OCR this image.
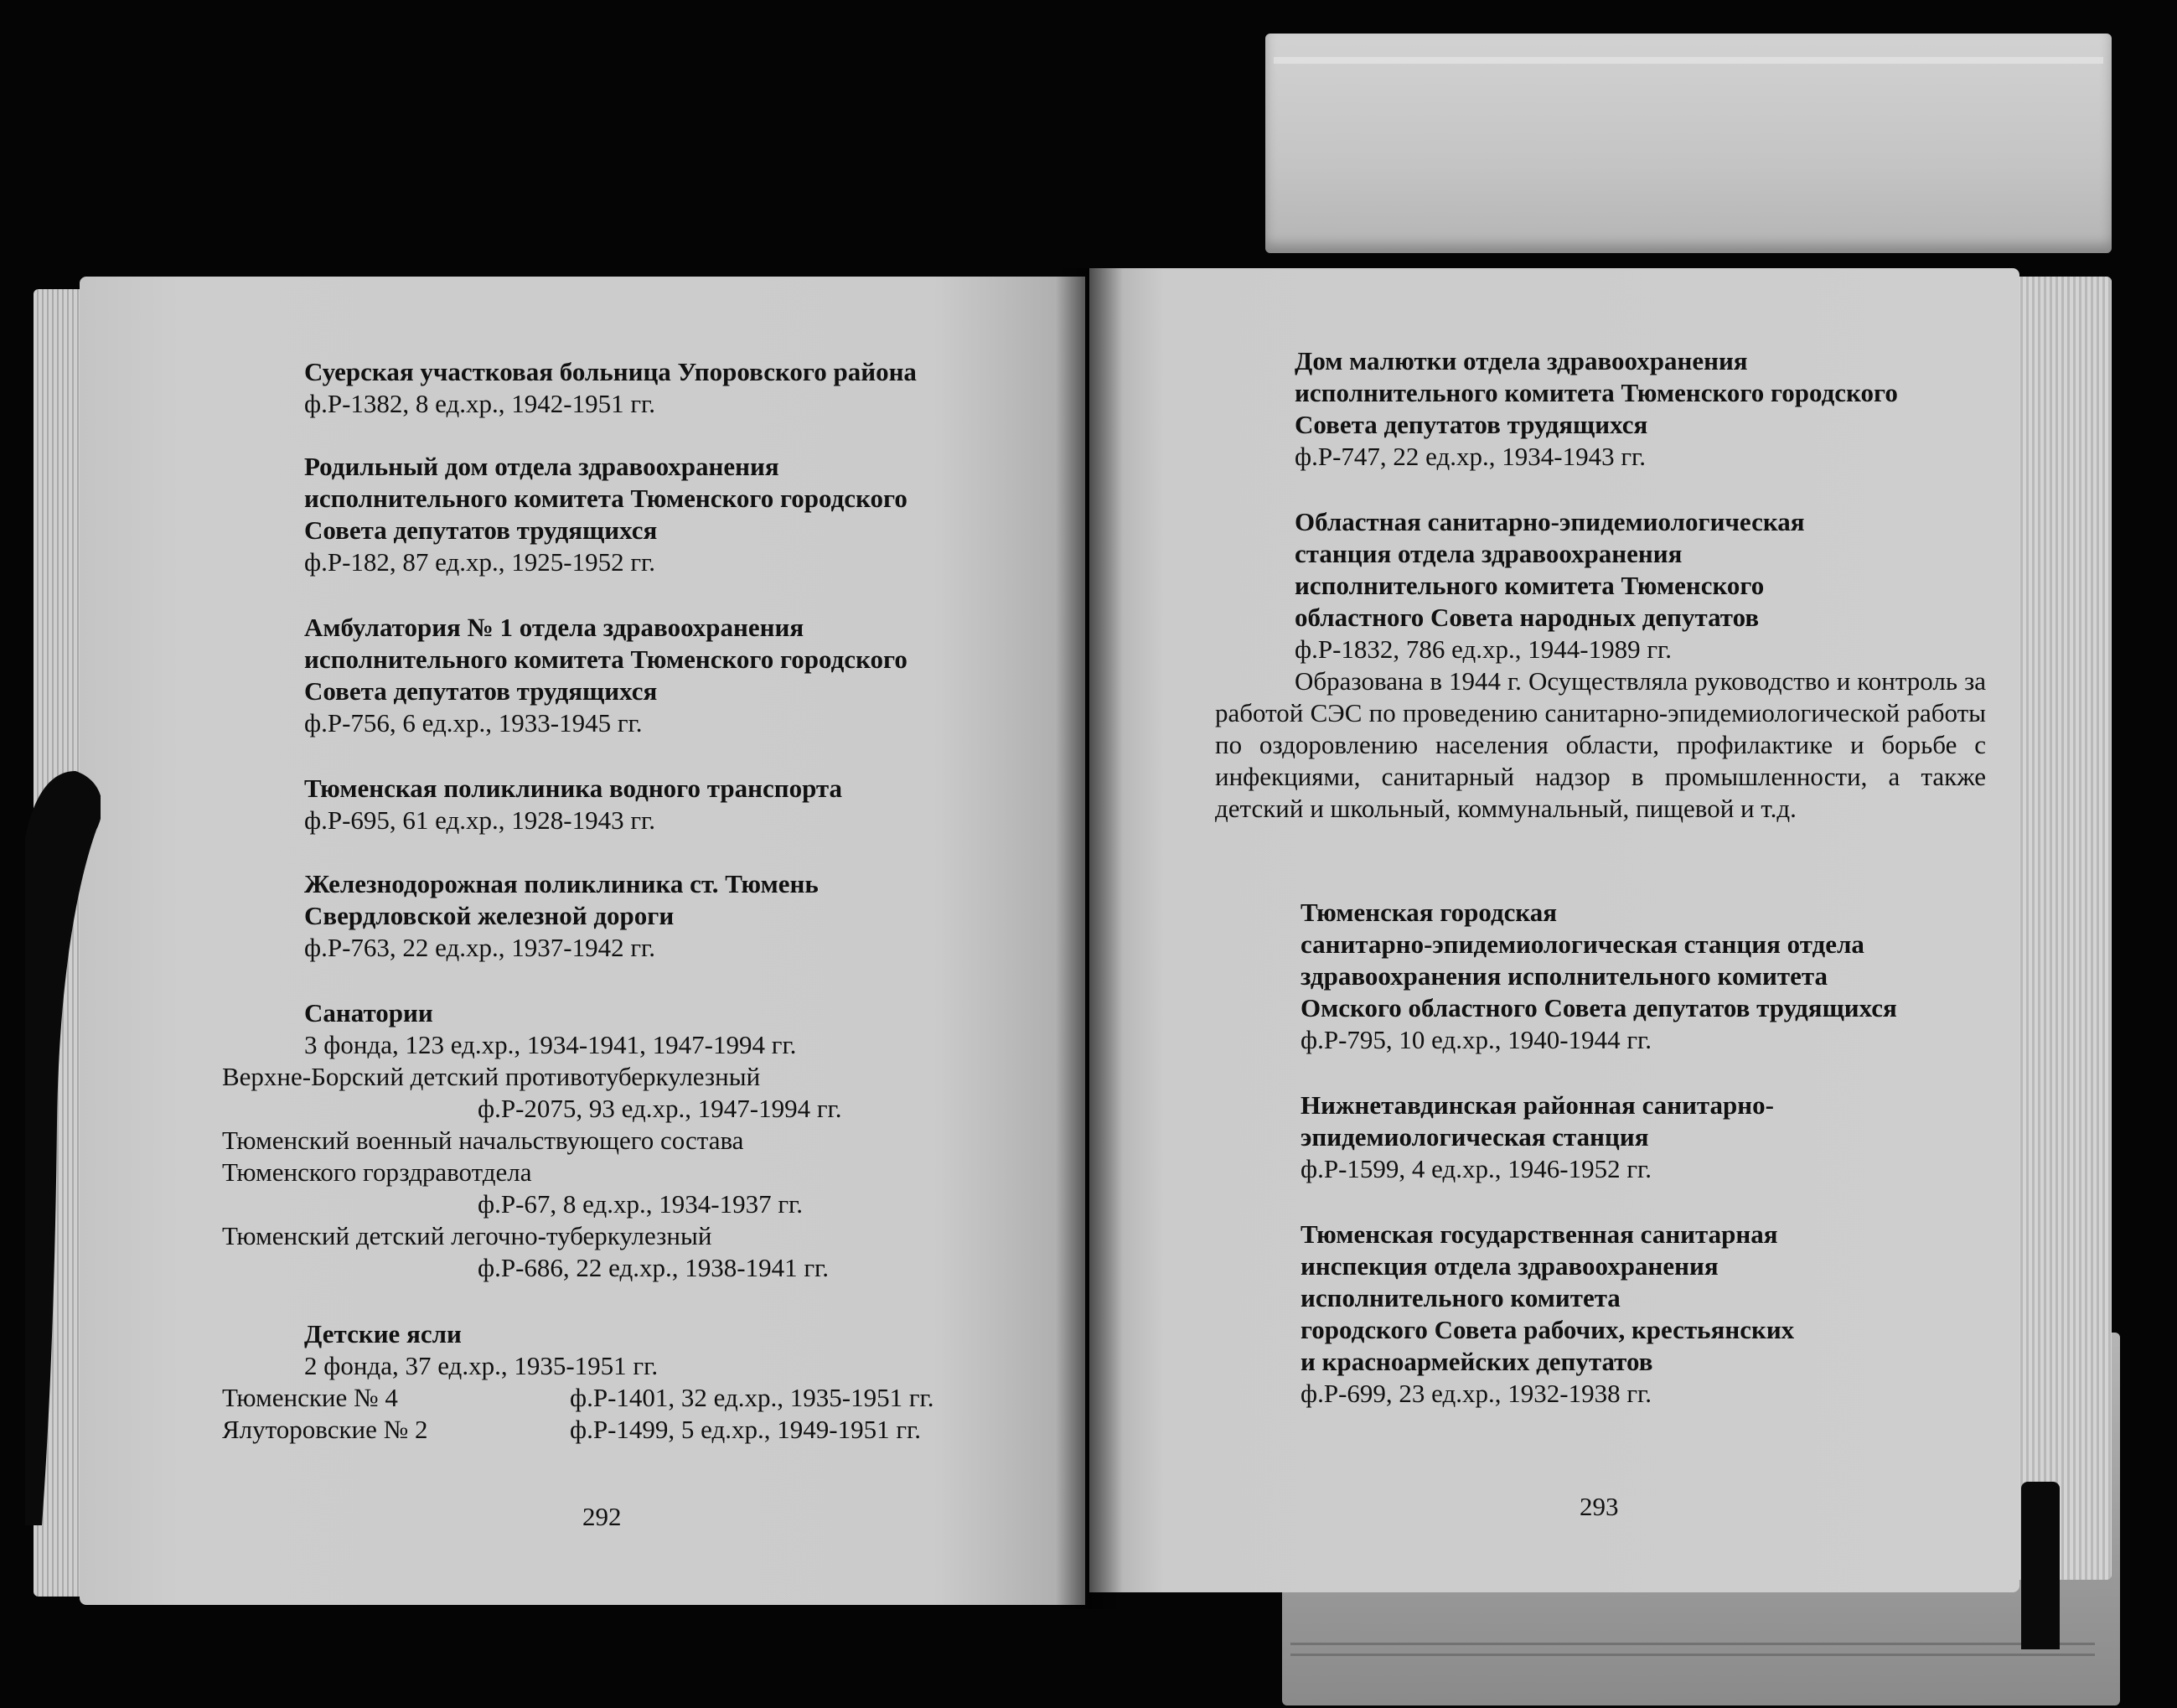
Суерская участковая больница Упоровского района
ф.Р-1382, 8 ед.хр., 1942-1951 гг.
Родильный дом отдела здравоохранения
исполнительного комитета Тюменского городского
Совета депутатов трудящихся
ф.Р-182, 87 ед.хр., 1925-1952 гг.
Амбулатория № 1 отдела здравоохранения
исполнительного комитета Тюменского городского
Совета депутатов трудящихся
ф.Р-756, 6 ед.хр., 1933-1945 гг.
Тюменская поликлиника водного транспорта
ф.Р-695, 61 ед.хр., 1928-1943 гг.
Железнодорожная поликлиника ст. Тюмень
Свердловской железной дороги
ф.Р-763, 22 ед.хр., 1937-1942 гг.
Санатории
3 фонда, 123 ед.хр., 1934-1941, 1947-1994 гг.
Верхне-Борский детский противотуберкулезный
ф.Р-2075, 93 ед.хр., 1947-1994 гг.
Тюменский военный начальствующего состава
Тюменского горздравотдела
ф.Р-67, 8 ед.хр., 1934-1937 гг.
Тюменский детский легочно-туберкулезный
ф.Р-686, 22 ед.хр., 1938-1941 гг.
Детские ясли
2 фонда, 37 ед.хр., 1935-1951 гг.
Тюменские № 4	ф.Р-1401, 32 ед.хр., 1935-1951 гг.
Ялуторовские № 2	ф.Р-1499, 5 ед.хр., 1949-1951 гг.
292
Дом малютки отдела здравоохранения
исполнительного комитета Тюменского городского
Совета депутатов трудящихся
ф.Р-747, 22 ед.хр., 1934-1943 гг.
Областная санитарно-эпидемиологическая
станция отдела здравоохранения
исполнительного комитета Тюменского
областного Совета народных депутатов
ф.Р-1832, 786 ед.хр., 1944-1989 гг.
Образована в 1944 г. Осуществляла руководство и контроль за работой СЭС по проведению санитарно-эпидемиологической работы по оздоровлению населения области, профилактике и борьбе с инфекциями, санитарный надзор в промышленности, а также детский и школьный, коммунальный, пищевой и т.д.
Тюменская городская
санитарно-эпидемиологическая станция отдела
здравоохранения исполнительного комитета
Омского областного Совета депутатов трудящихся
ф.Р-795, 10 ед.хр., 1940-1944 гг.
Нижнетавдинская районная санитарно-
эпидемиологическая станция
ф.Р-1599, 4 ед.хр., 1946-1952 гг.
Тюменская государственная санитарная
инспекция отдела здравоохранения
исполнительного комитета
городского Совета рабочих, крестьянских
и красноармейских депутатов
ф.Р-699, 23 ед.хр., 1932-1938 гг.
293
